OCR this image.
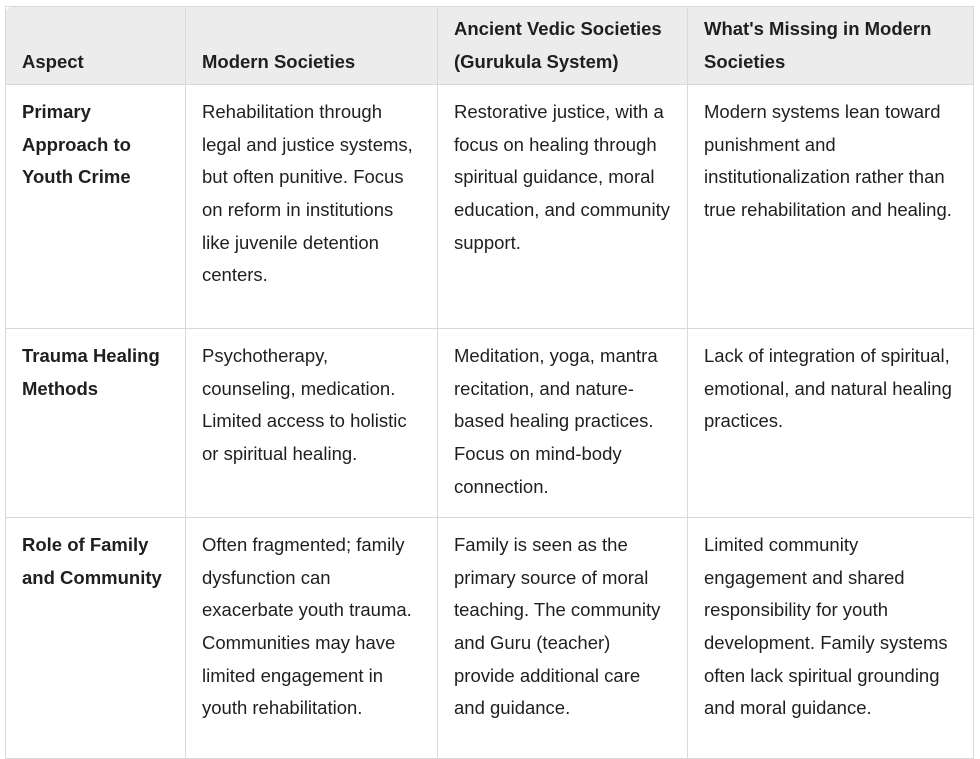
Aspect	Modern Societies	Ancient Vedic Societies (Gurukula System)	What's Missing in Modern Societies
Primary Approach to Youth Crime	Rehabilitation through legal and justice systems, but often punitive. Focus on reform in institutions like juvenile detention centers.	Restorative justice, with a focus on healing through spiritual guidance, moral education, and community support.	Modern systems lean toward punishment and institutionalization rather than true rehabilitation and healing.
Trauma Healing Methods	Psychotherapy, counseling, medication. Limited access to holistic or spiritual healing.	Meditation, yoga, mantra recitation, and nature-based healing practices. Focus on mind-body connection.	Lack of integration of spiritual, emotional, and natural healing practices.
Role of Family and Community	Often fragmented; family dysfunction can exacerbate youth trauma. Communities may have limited engagement in youth rehabilitation.	Family is seen as the primary source of moral teaching. The community and Guru (teacher) provide additional care and guidance.	Limited community engagement and shared responsibility for youth development. Family systems often lack spiritual grounding and moral guidance.
